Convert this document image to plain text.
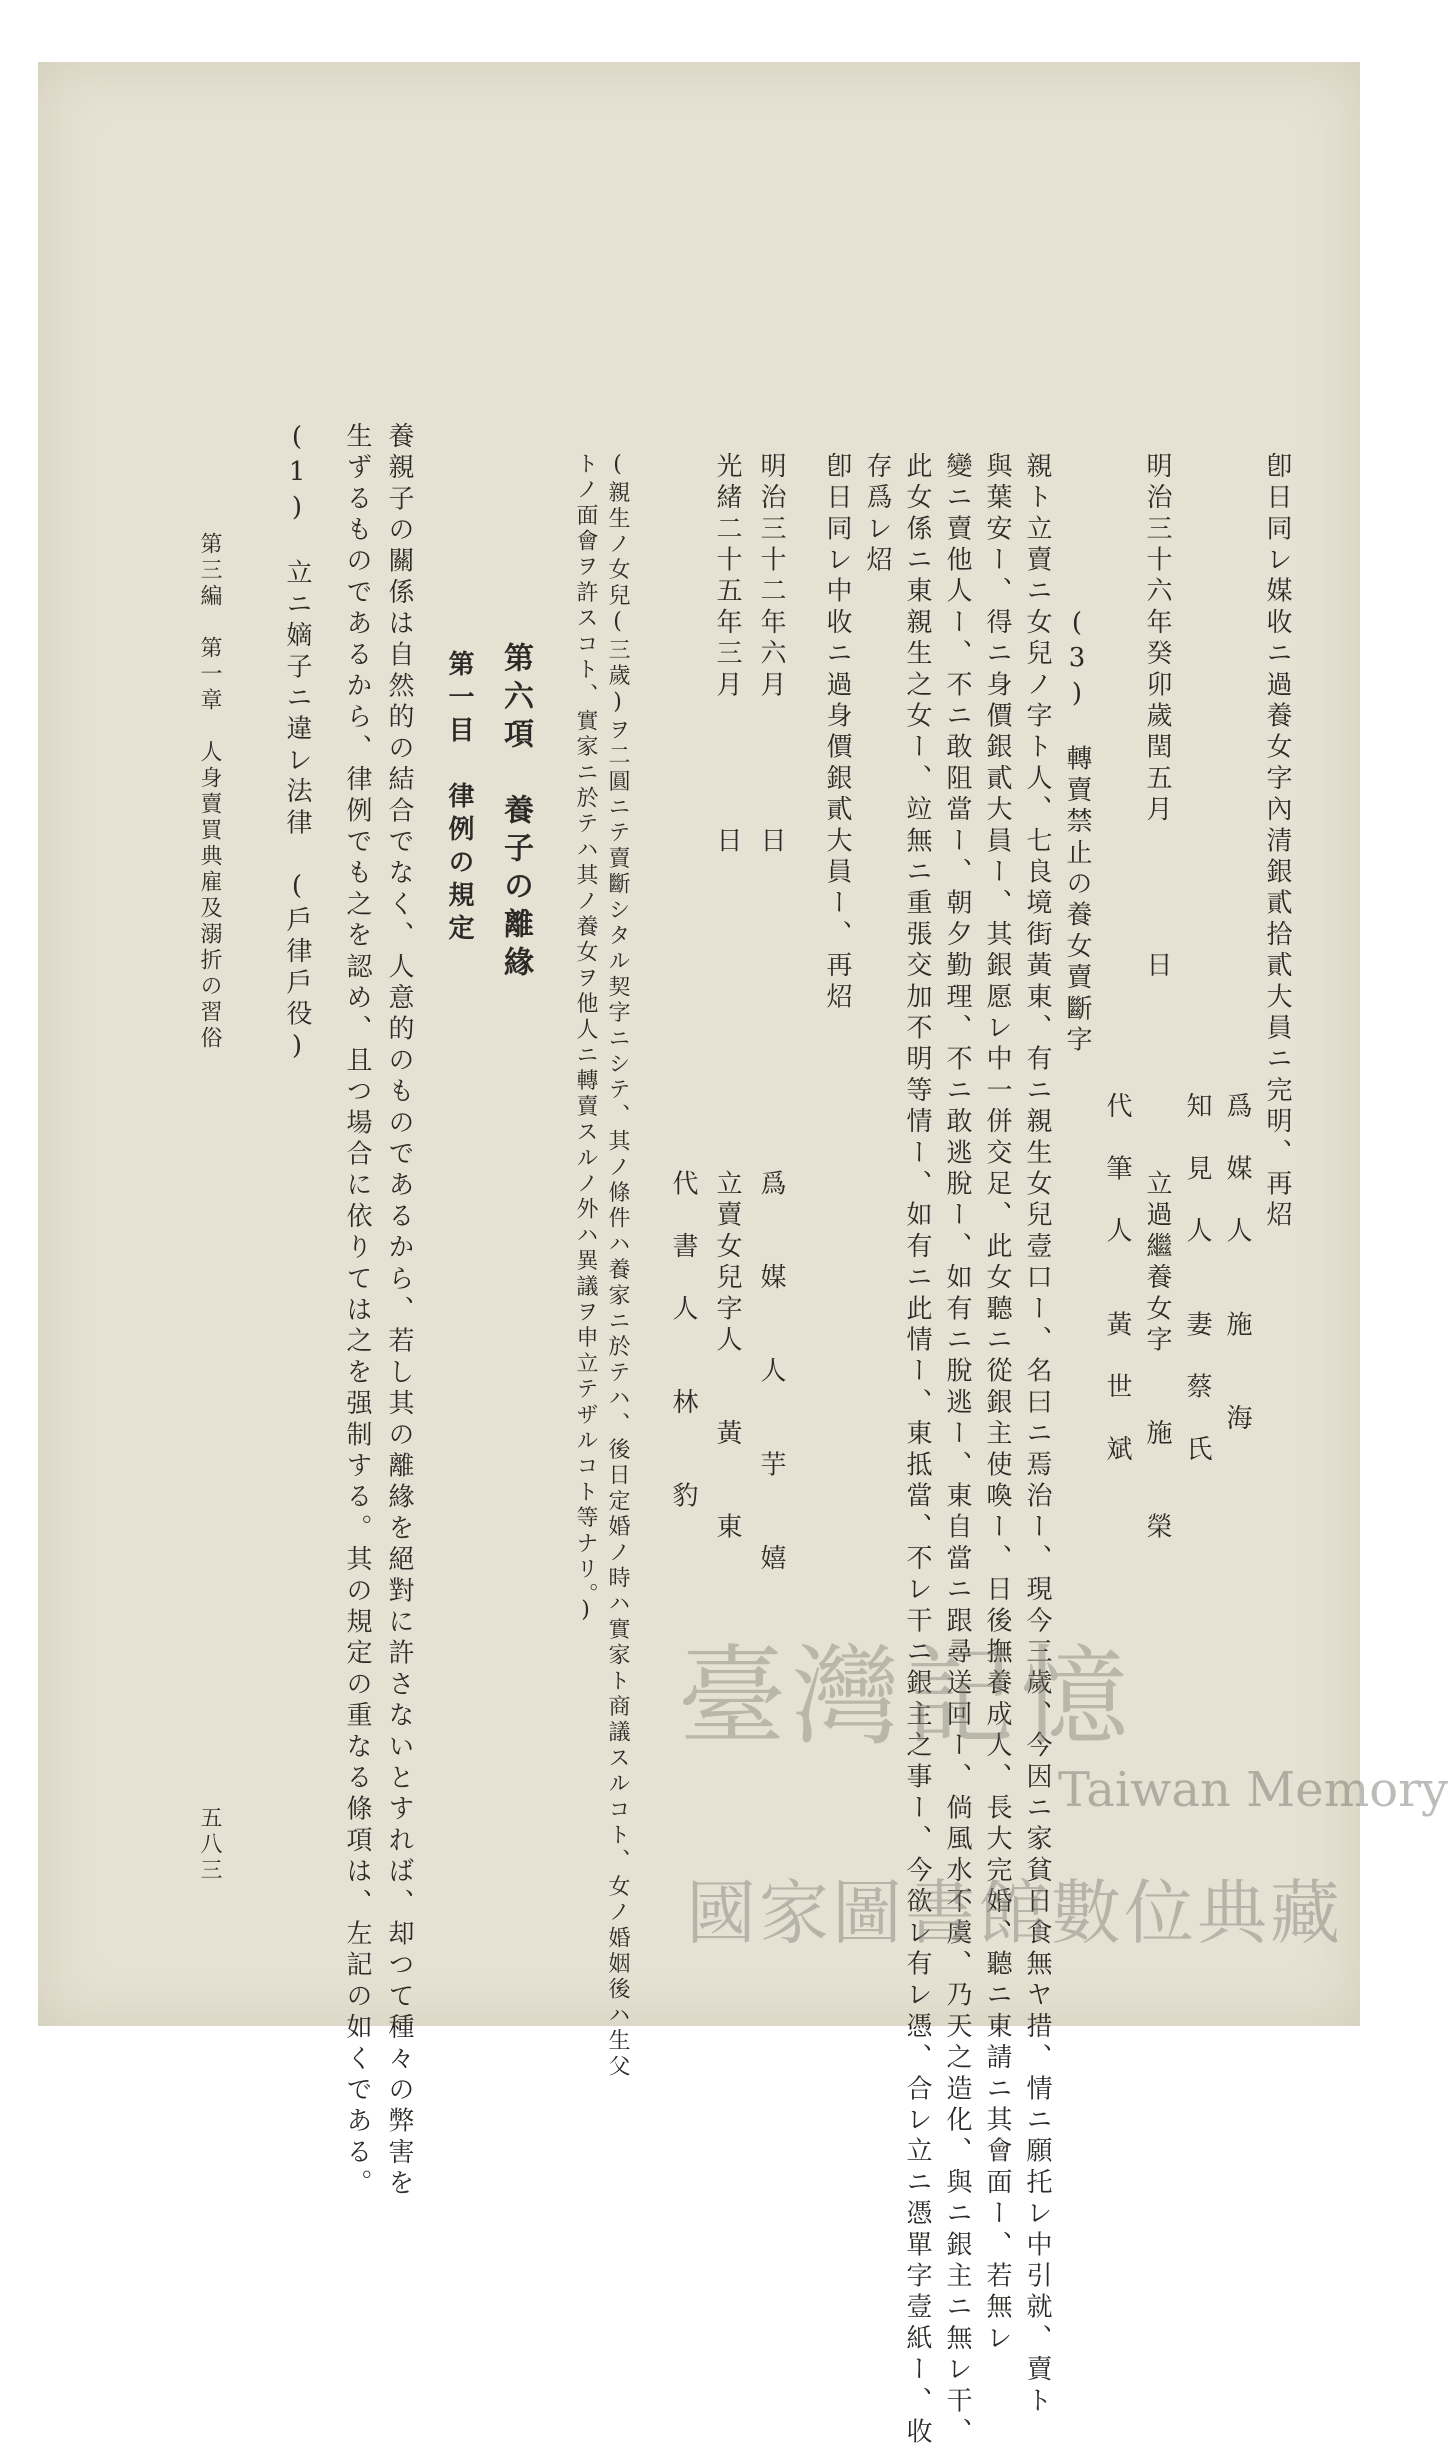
卽日同レ媒收ニ過養女字內清銀貳拾貳大員ニ完明、再炤
爲　媒　人　　施　　海
知　見　人　　妻　蔡　氏
明治三十六年癸卯歲閏五月　　　　日　　　　　　立過繼養女字　　施　　榮
代　筆　人　　黃　世　斌
　　　　　(3)　轉賣禁止の養女賣斷字
親ト立賣ニ女兒ノ字ト人、七良境街黃東、有ニ親生女兒壹口ー、名曰ニ焉治ー、現今三歲、今因ニ家貧日食無ヤ措、情ニ願托レ中引就、賣ト
與葉安ー、得ニ身價銀貳大員ー、其銀愿レ中一併交足、此女聽ニ從銀主使喚ー、日後撫養成人、長大完婚、聽ニ東請ニ其會面ー、若無レ
變ニ賣他人ー、不ニ敢阻當ー、朝夕勤理、不ニ敢逃脫ー、如有ニ脫逃ー、東自當ニ跟尋送回ー、倘風水不虞、乃天之造化、與ニ銀主ニ無レ干、
此女係ニ東親生之女ー、竝無ニ重張交加不明等情ー、如有ニ此情ー、東抵當、不レ干ニ銀主之事ー、今欲レ有レ憑、合レ立ニ憑單字壹紙ー、收
存爲レ炤
卽日同レ中收ニ過身價銀貳大員ー、再炤
明治三十二年六月　　　　日　　　　　　　　　　爲　　媒　　人　　芋　　嬉
光緒二十五年三月　　　　日　　　　　　　　　　立賣女兒字人　　黃　　東
　　　　　　　　　　　　　　　　　　　　　　　代　書　人　　林　　豹
(親生ノ女兒(三歲)ヲ二圓ニテ賣斷シタル契字ニシテ、其ノ條件ハ養家ニ於テハ、後日定婚ノ時ハ實家ト商議スルコト、女ノ婚姻後ハ生父
トノ面會ヲ許スコト、實家ニ於テハ其ノ養女ヲ他人ニ轉賣スルノ外ハ異議ヲ申立テザルコト等ナリ。)
　　　　　第六項　養子の離緣
　　　　　　第一目　律例の規定
養親子の關係は自然的の結合でなく、人意的のものであるから、若し其の離緣を絕對に許さないとすれば、却つて種々の弊害を
生ずるものであるから、律例でも之を認め、且つ場合に依りては之を强制する。其の規定の重なる條項は、左記の如くである。
(1)　立ニ嫡子ニ違レ法律　(戶律戶役)
第三編　第一章　人身賣買典雇及溺折の習俗　　　　　　　　　　　　　　　　　　　　　　　　　　　　　五八三	臺灣記憶
Taiwan Memory
國家圖書館數位典藏
